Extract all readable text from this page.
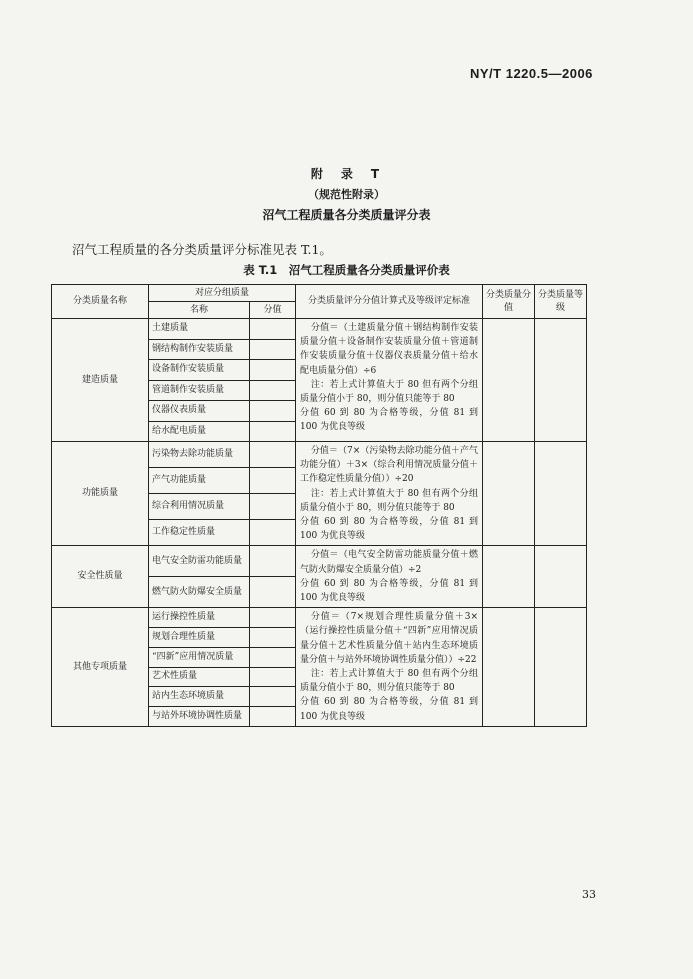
NY/T 1220.5—2006
附　录　T
（规范性附录）
沼气工程质量各分类质量评分表
沼气工程质量的各分类质量评分标准见表 T.1。
表 T.1　沼气工程质量各分类质量评价表
分类质量名称	对应分组质量		分类质量评分分值计算式及等级评定标准	分类质量分值	分类质量等级
	名称	分值			
建造质量	土建质量		分值＝（土建质量分值＋钢结构制作安装质量分值＋设备制作安装质量分值＋管道制作安装质量分值＋仪器仪表质量分值＋给水配电质量分值）÷6
注：若上式计算值大于 80 但有两个分组质量分值小于 80，则分值只能等于 80
分值 60 到 80 为合格等级，分值 81 到 100 为优良等级		

	钢结构制作安装质量				
	设备制作安装质量				
	管道制作安装质量				
	仪器仪表质量				
	给水配电质量				
功能质量	污染物去除功能质量		分值＝（7×（污染物去除功能分值＋产气功能分值）＋3×（综合利用情况质量分值＋工作稳定性质量分值））÷20
注：若上式计算值大于 80 但有两个分组质量分值小于 80，则分值只能等于 80
分值 60 到 80 为合格等级，分值 81 到 100 为优良等级		

	产气功能质量				
	综合利用情况质量				
	工作稳定性质量				
安全性质量	电气安全防雷功能质量		分值＝（电气安全防雷功能质量分值＋燃气防火防爆安全质量分值）÷2
分值 60 到 80 为合格等级，分值 81 到 100 为优良等级		

	燃气防火防爆安全质量				
其他专项质量	运行操控性质量		分值＝（7×规划合理性质量分值＋3×（运行操控性质量分值＋“四新”应用情况质量分值＋艺术性质量分值＋站内生态环境质量分值＋与站外环境协调性质量分值））÷22
注：若上式计算值大于 80 但有两个分组质量分值小于 80，则分值只能等于 80
分值 60 到 80 为合格等级，分值 81 到 100 为优良等级		

	规划合理性质量				
	“四新”应用情况质量				
	艺术性质量				
	站内生态环境质量				
	与站外环境协调性质量				
33
